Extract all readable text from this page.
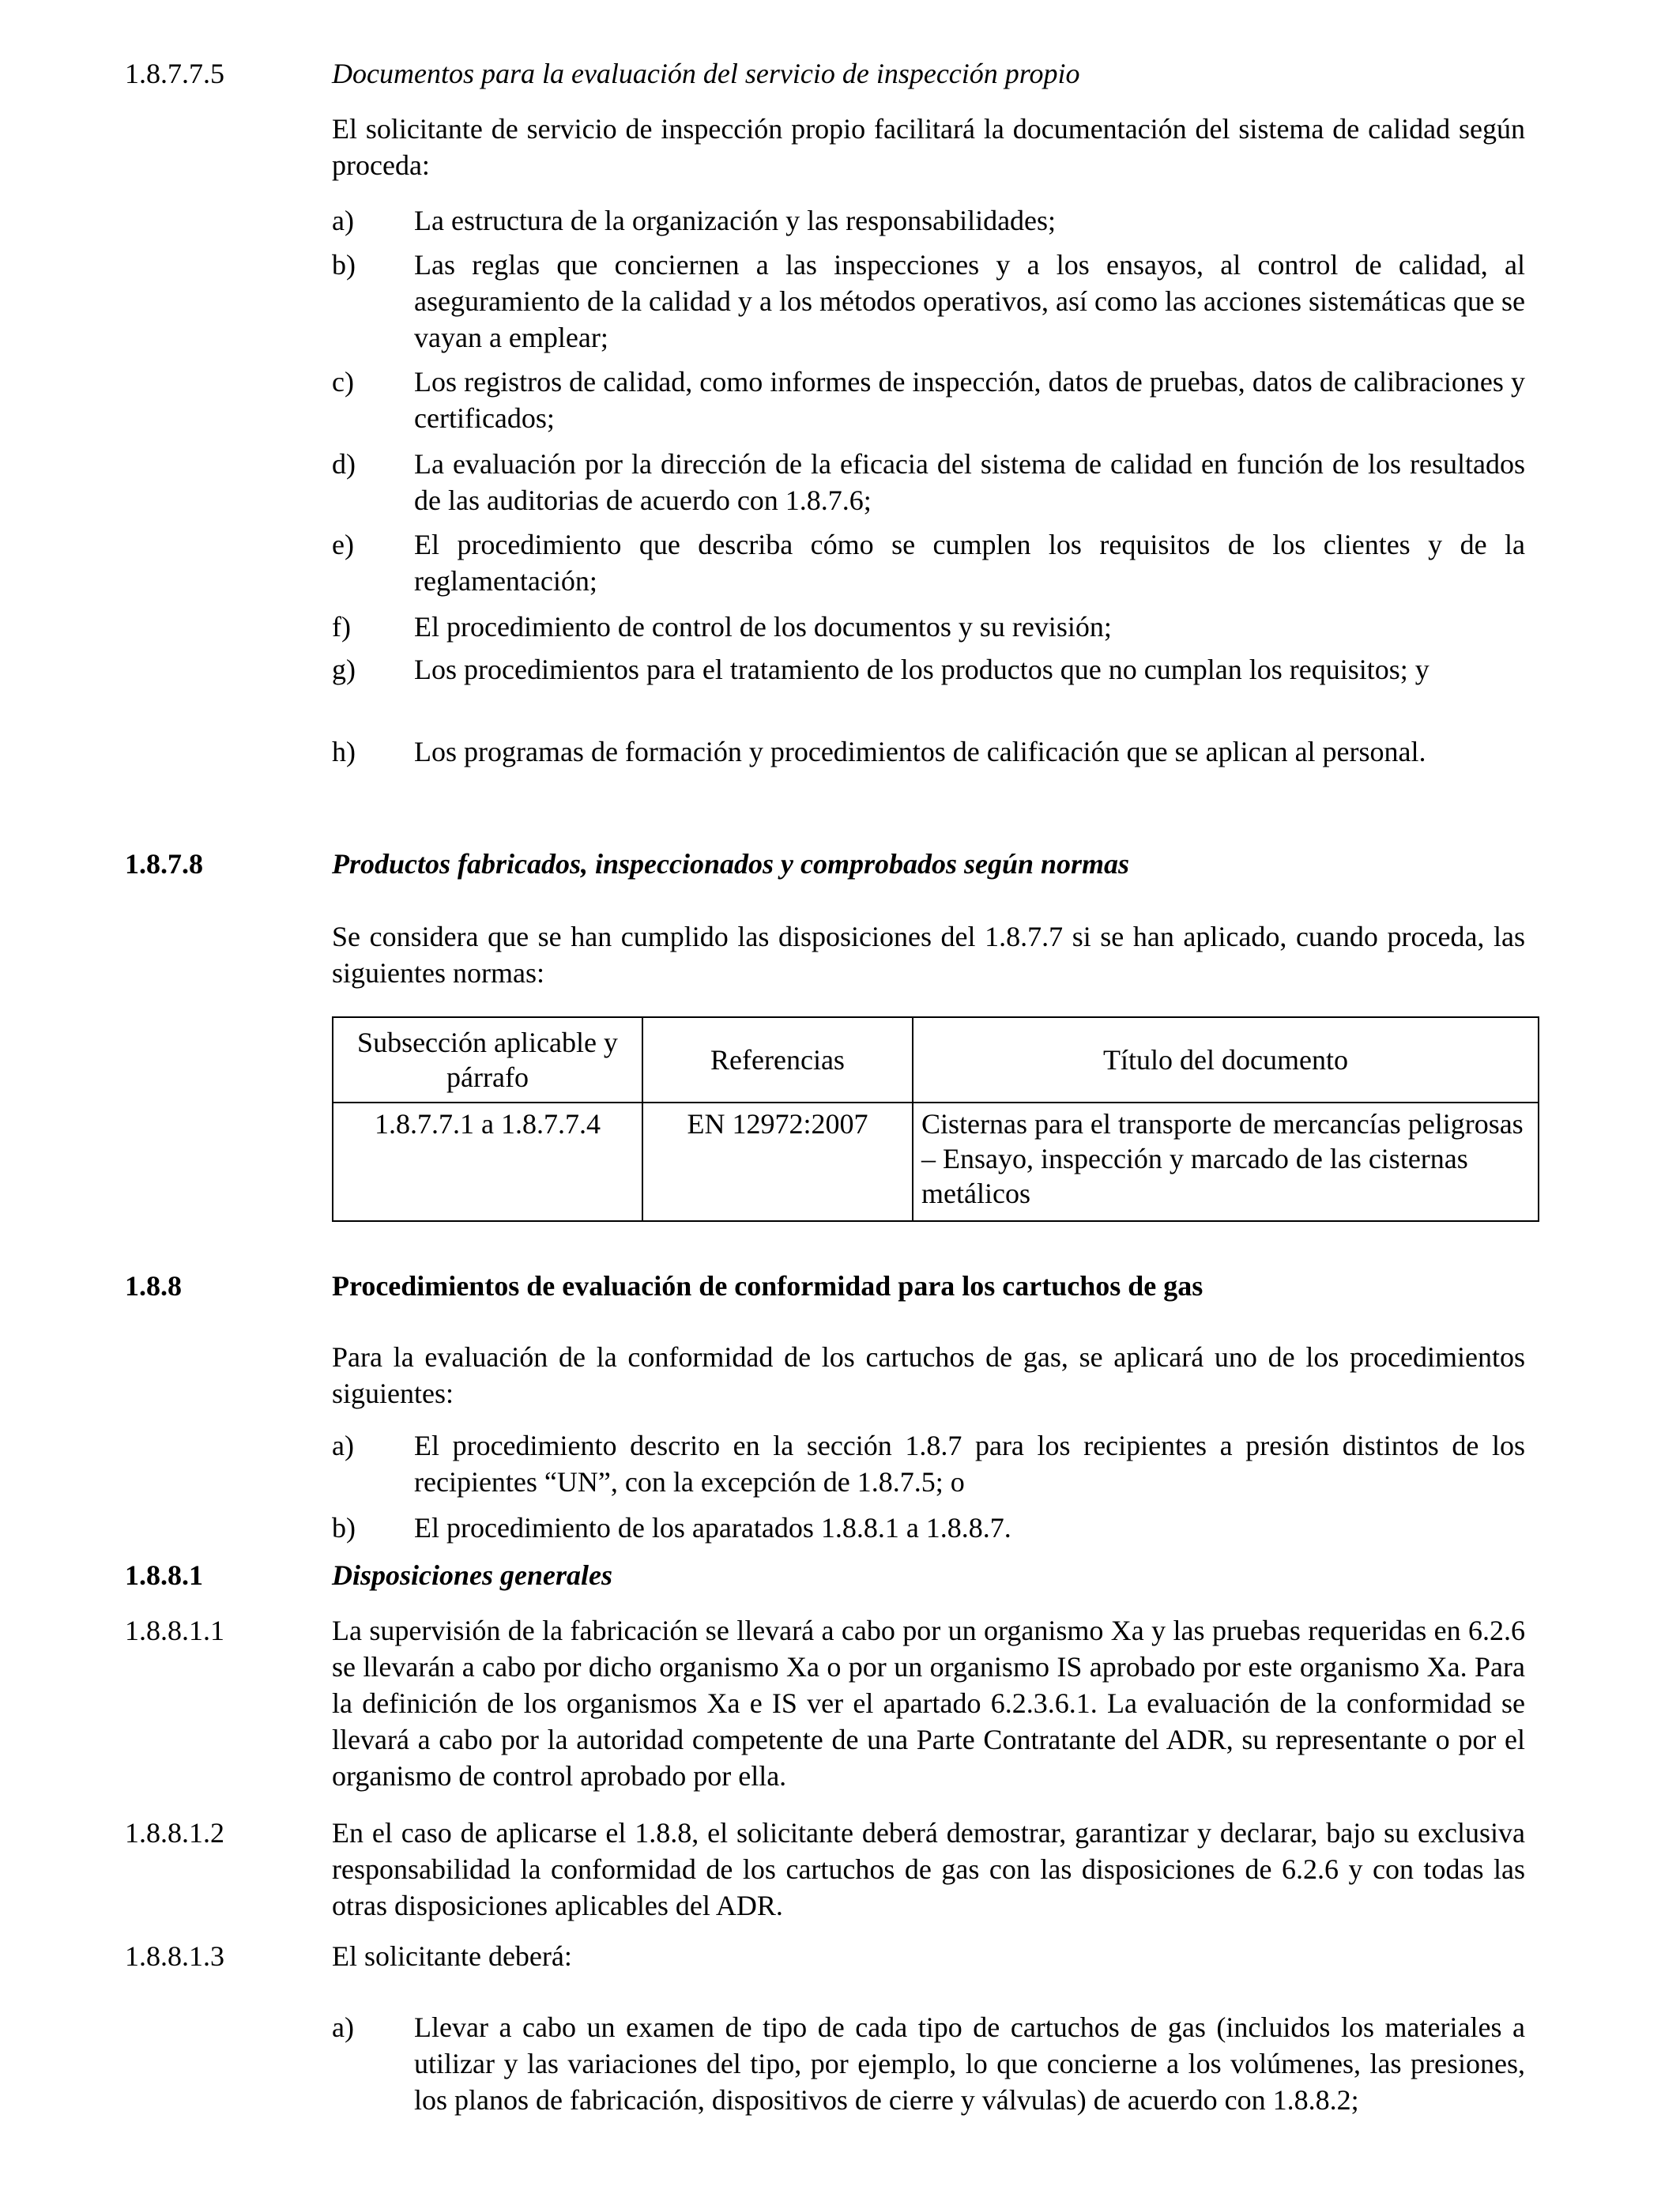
1.8.7.7.5	Documentos para la evaluación del servicio de inspección propio
El solicitante de servicio de inspección propio facilitará la documentación del sistema de calidad según proceda:
a) La estructura de la organización y las responsabilidades;
b) Las reglas que conciernen a las inspecciones y a los ensayos, al control de calidad, al aseguramiento de la calidad y a los métodos operativos, así como las acciones sistemáticas que se vayan a emplear;
c) Los registros de calidad, como informes de inspección, datos de pruebas, datos de calibraciones y certificados;
d) La evaluación por la dirección de la eficacia del sistema de calidad en función de los resultados de las auditorias de acuerdo con 1.8.7.6;
e) El procedimiento que describa cómo se cumplen los requisitos de los clientes y de la reglamentación;
f) El procedimiento de control de los documentos y su revisión;
g) Los procedimientos para el tratamiento de los productos que no cumplan los requisitos; y
h) Los programas de formación y procedimientos de calificación que se aplican al personal.
1.8.7.8	Productos fabricados, inspeccionados y comprobados según normas
Se considera que se han cumplido las disposiciones del 1.8.7.7 si se han aplicado, cuando proceda, las siguientes normas:
Subsección aplicable y párrafo	Referencias	Título del documento
1.8.7.7.1 a 1.8.7.7.4	EN 12972:2007	Cisternas para el transporte de mercancías peligrosas – Ensayo, inspección y marcado de las cisternas metálicos
1.8.8	Procedimientos de evaluación de conformidad para los cartuchos de gas
Para la evaluación de la conformidad de los cartuchos de gas, se aplicará uno de los procedimientos siguientes:
a) El procedimiento descrito en la sección 1.8.7 para los recipientes a presión distintos de los recipientes “UN”, con la excepción de 1.8.7.5; o
b) El procedimiento de los aparatados 1.8.8.1 a 1.8.8.7.
1.8.8.1	Disposiciones generales
1.8.8.1.1	La supervisión de la fabricación se llevará a cabo por un organismo Xa y las pruebas requeridas en 6.2.6 se llevarán a cabo por dicho organismo Xa o por un organismo IS aprobado por este organismo Xa. Para la definición de los organismos Xa e IS ver el apartado 6.2.3.6.1. La evaluación de la conformidad se llevará a cabo por la autoridad competente de una Parte Contratante del ADR, su representante o por el organismo de control aprobado por ella.
1.8.8.1.2	En el caso de aplicarse el 1.8.8, el solicitante deberá demostrar, garantizar y declarar, bajo su exclusiva responsabilidad la conformidad de los cartuchos de gas con las disposiciones de 6.2.6 y con todas las otras disposiciones aplicables del ADR.
1.8.8.1.3	El solicitante deberá:
a) Llevar a cabo un examen de tipo de cada tipo de cartuchos de gas (incluidos los materiales a utilizar y las variaciones del tipo, por ejemplo, lo que concierne a los volúmenes, las presiones, los planos de fabricación, dispositivos de cierre y válvulas) de acuerdo con 1.8.8.2;
